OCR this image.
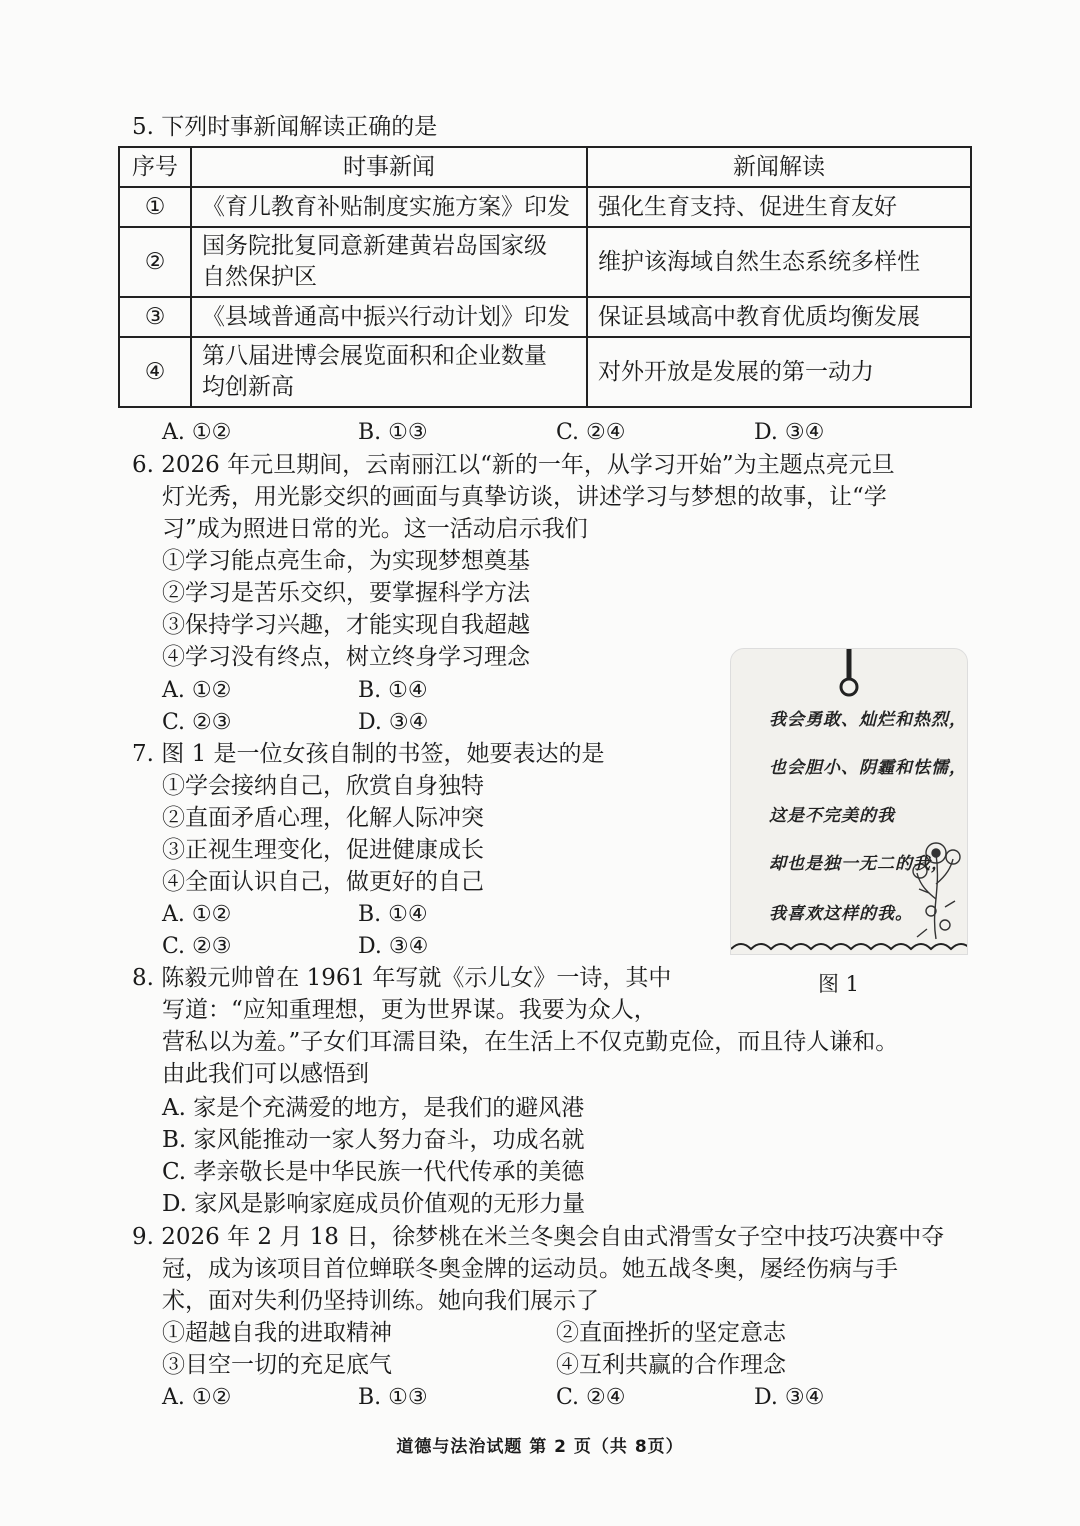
5. 下列时事新闻解读正确的是
序号	时事新闻	新闻解读
①	《育儿教育补贴制度实施方案》印发	强化生育支持、促进生育友好
②	国务院批复同意新建黄岩岛国家级
自然保护区	维护该海域自然生态系统多样性
③	《县域普通高中振兴行动计划》印发	保证县域高中教育优质均衡发展
④	第八届进博会展览面积和企业数量
均创新高	对外开放是发展的第一动力
A. ①②	B. ①③	C. ②④	D. ③④
6. 2026 年元旦期间，云南丽江以“新的一年，从学习开始”为主题点亮元旦
灯光秀，用光影交织的画面与真挚访谈，讲述学习与梦想的故事，让“学
习”成为照进日常的光。这一活动启示我们
①学习能点亮生命，为实现梦想奠基
②学习是苦乐交织，要掌握科学方法
③保持学习兴趣，才能实现自我超越
④学习没有终点，树立终身学习理念
A. ①②	B. ①④
C. ②③	D. ③④
7. 图 1 是一位女孩自制的书签，她要表达的是
①学会接纳自己，欣赏自身独特
②直面矛盾心理，化解人际冲突
③正视生理变化，促进健康成长
④全面认识自己，做更好的自己
A. ①②	B. ①④
C. ②③	D. ③④
我会勇敢、灿烂和热烈，
也会胆小、阴霾和怯懦，
这是不完美的我
却也是独一无二的我，
我喜欢这样的我。
图 1
8. 陈毅元帅曾在 1961 年写就《示儿女》一诗，其中
写道：“应知重理想，更为世界谋。我要为众人，
营私以为羞。”子女们耳濡目染，在生活上不仅克勤克俭，而且待人谦和。
由此我们可以感悟到
A. 家是个充满爱的地方，是我们的避风港
B. 家风能推动一家人努力奋斗，功成名就
C. 孝亲敬长是中华民族一代代传承的美德
D. 家风是影响家庭成员价值观的无形力量
9. 2026 年 2 月 18 日，徐梦桃在米兰冬奥会自由式滑雪女子空中技巧决赛中夺
冠，成为该项目首位蝉联冬奥金牌的运动员。她五战冬奥，屡经伤病与手
术，面对失利仍坚持训练。她向我们展示了
①超越自我的进取精神	②直面挫折的坚定意志
③目空一切的充足底气	④互利共赢的合作理念
A. ①②	B. ①③	C. ②④	D. ③④
道德与法治试题 第 2 页（共 8页）
